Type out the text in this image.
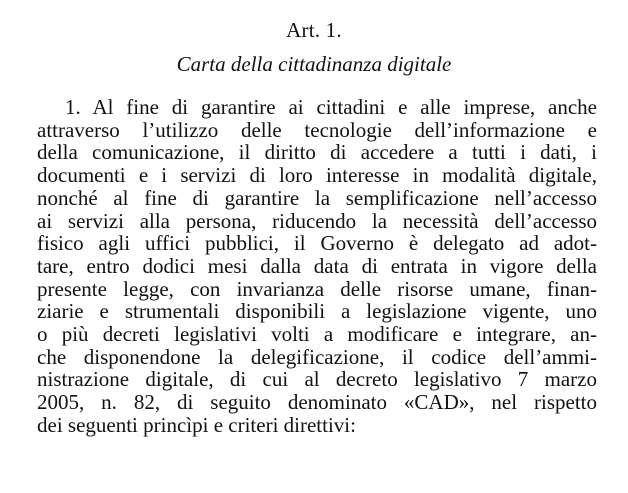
Art. 1.
Carta della cittadinanza digitale

1. Al fine di garantire ai cittadini e alle imprese, anche
attraverso l’utilizzo delle tecnologie dell’informazione e
della comunicazione, il diritto di accedere a tutti i dati, i
documenti e i servizi di loro interesse in modalità digitale,
nonché al fine di garantire la semplificazione nell’accesso
ai servizi alla persona, riducendo la necessità dell’accesso
fisico agli uffici pubblici, il Governo è delegato ad adot-
tare, entro dodici mesi dalla data di entrata in vigore della
presente legge, con invarianza delle risorse umane, finan-
ziarie e strumentali disponibili a legislazione vigente, uno
o più decreti legislativi volti a modificare e integrare, an-
che disponendone la delegificazione, il codice dell’ammi-
nistrazione digitale, di cui al decreto legislativo 7 marzo
2005, n. 82, di seguito denominato «CAD», nel rispetto
dei seguenti princìpi e criteri direttivi:
